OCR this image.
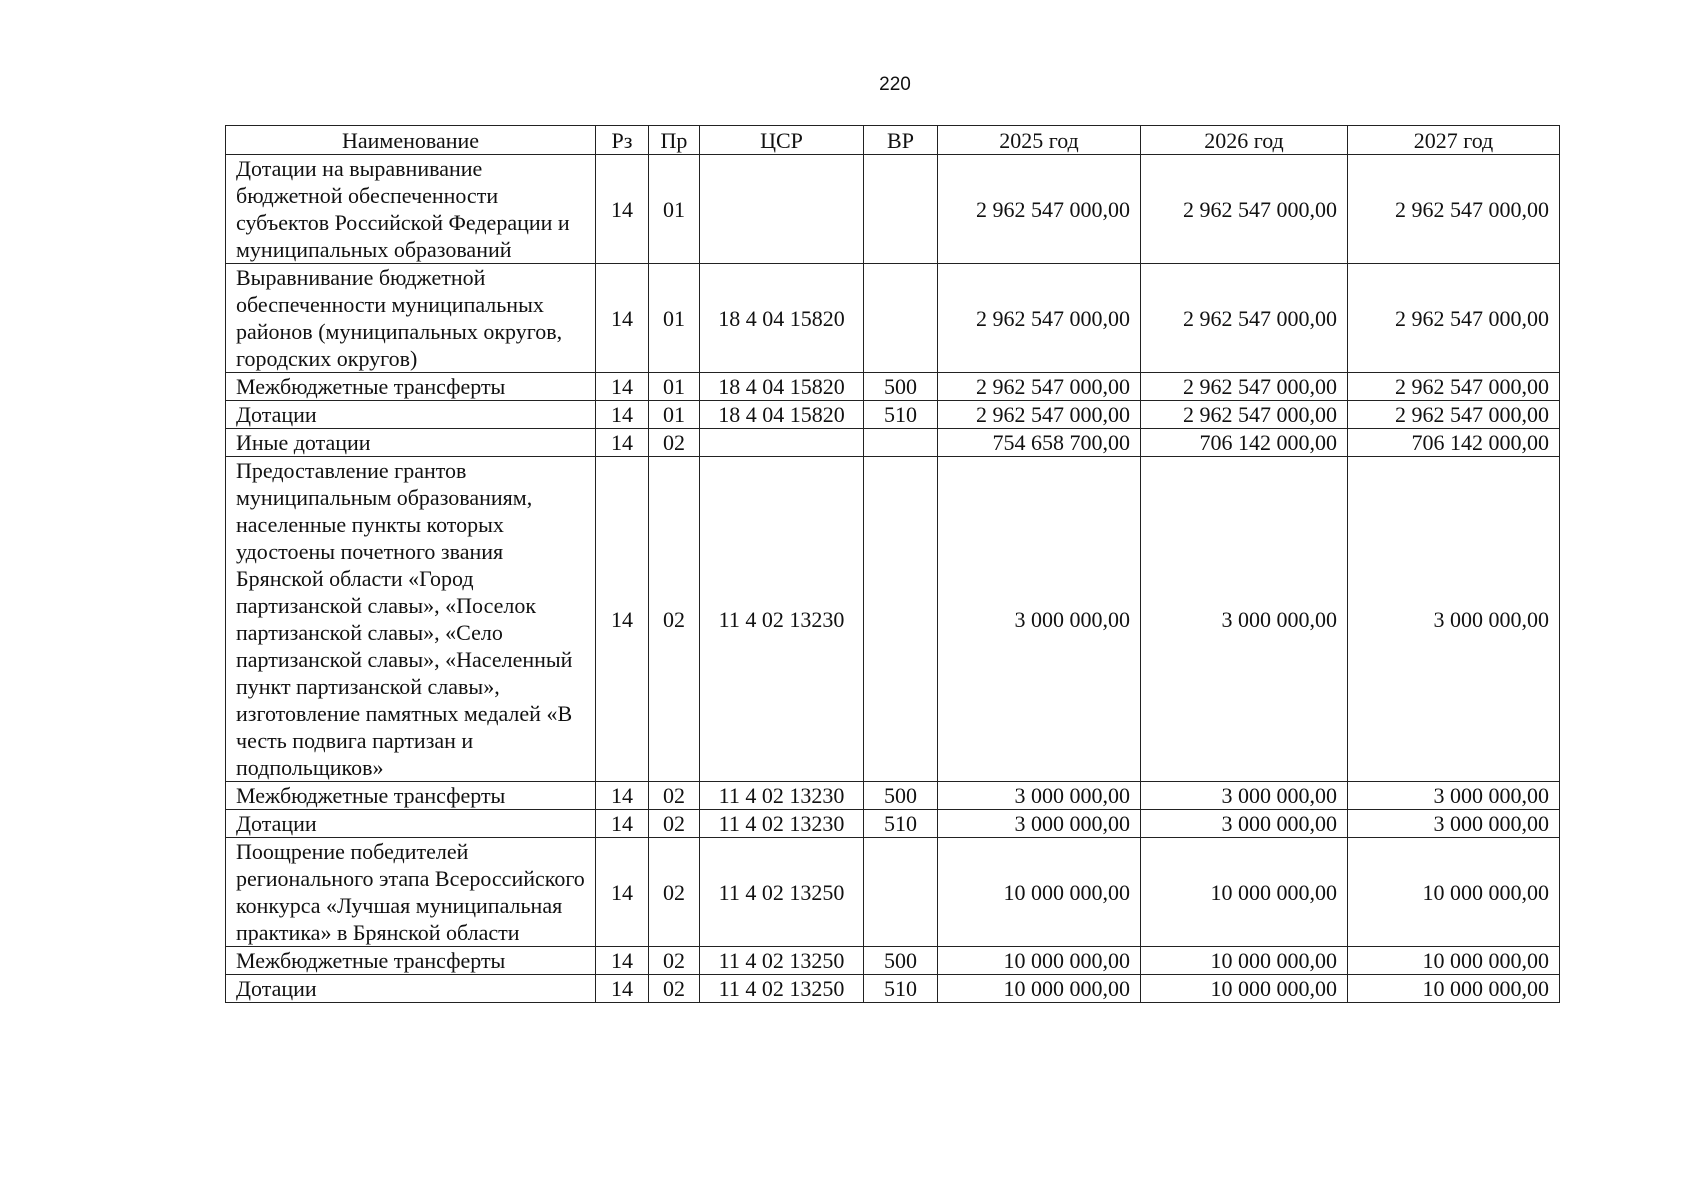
220
Наименование	Рз	Пр	ЦСР	ВР	2025 год	2026 год	2027 год
Дотации на выравнивание бюджетной обеспеченности субъектов Российской Федерации и муниципальных образований	14	01			2 962 547 000,00	2 962 547 000,00	2 962 547 000,00
Выравнивание бюджетной обеспеченности муниципальных районов (муниципальных округов, городских округов)	14	01	18 4 04 15820		2 962 547 000,00	2 962 547 000,00	2 962 547 000,00
Межбюджетные трансферты	14	01	18 4 04 15820	500	2 962 547 000,00	2 962 547 000,00	2 962 547 000,00
Дотации	14	01	18 4 04 15820	510	2 962 547 000,00	2 962 547 000,00	2 962 547 000,00
Иные дотации	14	02			754 658 700,00	706 142 000,00	706 142 000,00
Предоставление грантов муниципальным образованиям, населенные пункты которых удостоены почетного звания Брянской области «Город партизанской славы», «Поселок партизанской славы», «Село партизанской славы», «Населенный пункт партизанской славы», изготовление памятных медалей «В честь подвига партизан и подпольщиков»	14	02	11 4 02 13230		3 000 000,00	3 000 000,00	3 000 000,00
Межбюджетные трансферты	14	02	11 4 02 13230	500	3 000 000,00	3 000 000,00	3 000 000,00
Дотации	14	02	11 4 02 13230	510	3 000 000,00	3 000 000,00	3 000 000,00
Поощрение победителей регионального этапа Всероссийского конкурса «Лучшая муниципальная практика» в Брянской области	14	02	11 4 02 13250		10 000 000,00	10 000 000,00	10 000 000,00
Межбюджетные трансферты	14	02	11 4 02 13250	500	10 000 000,00	10 000 000,00	10 000 000,00
Дотации	14	02	11 4 02 13250	510	10 000 000,00	10 000 000,00	10 000 000,00
